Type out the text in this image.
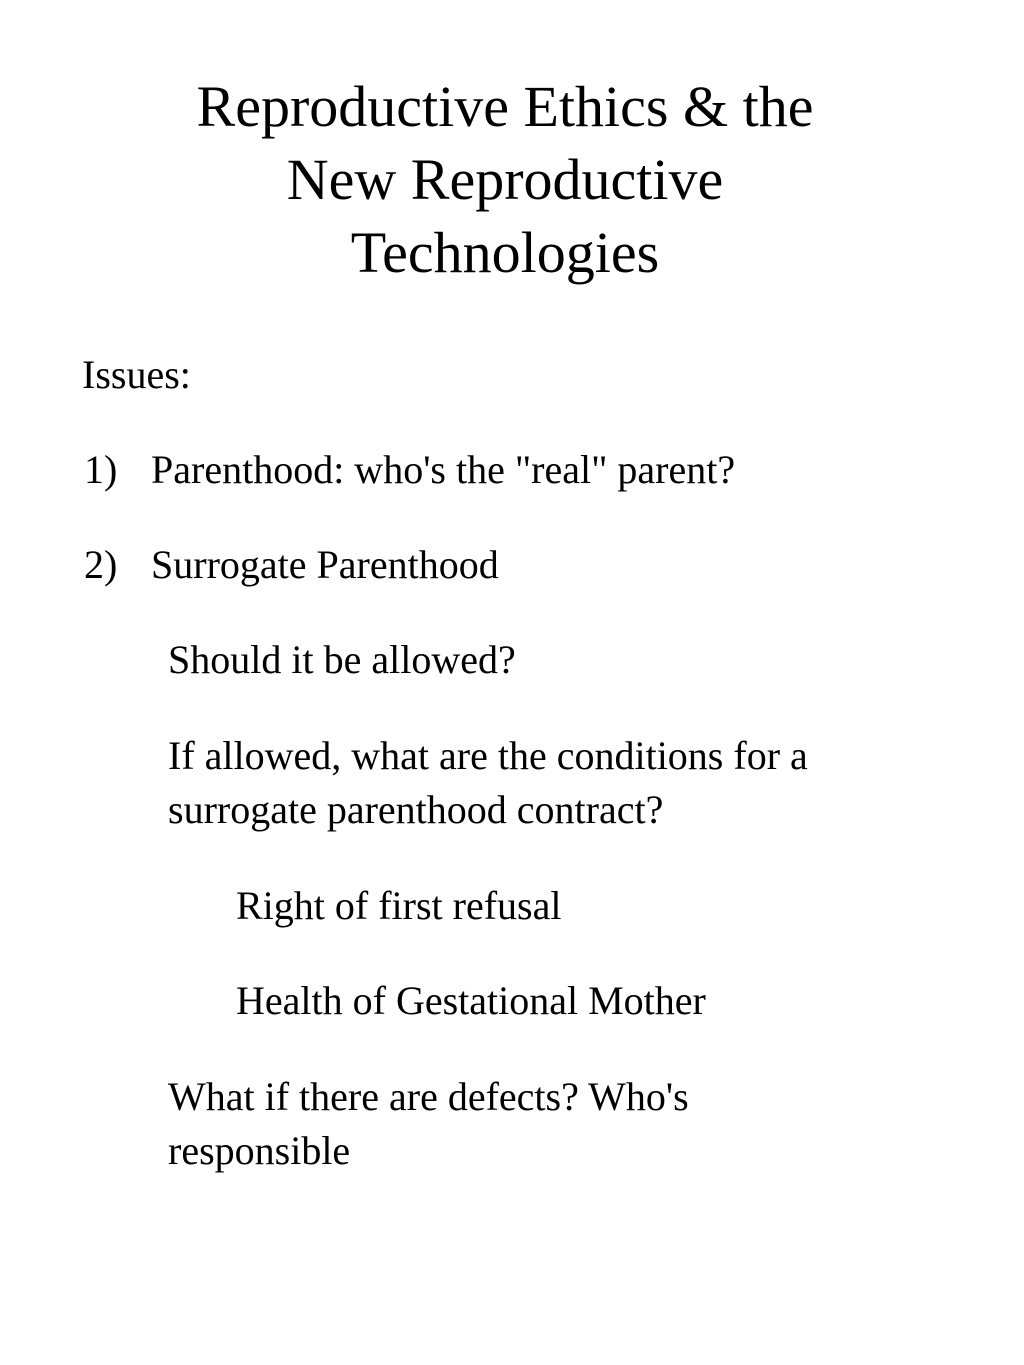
Reproductive Ethics & the
New Reproductive
Technologies
Issues:
1) Parenthood: who's the "real" parent?
2) Surrogate Parenthood
Should it be allowed?
If allowed, what are the conditions for a
surrogate parenthood contract?
Right of first refusal
Health of Gestational Mother
What if there are defects? Who's
responsible
